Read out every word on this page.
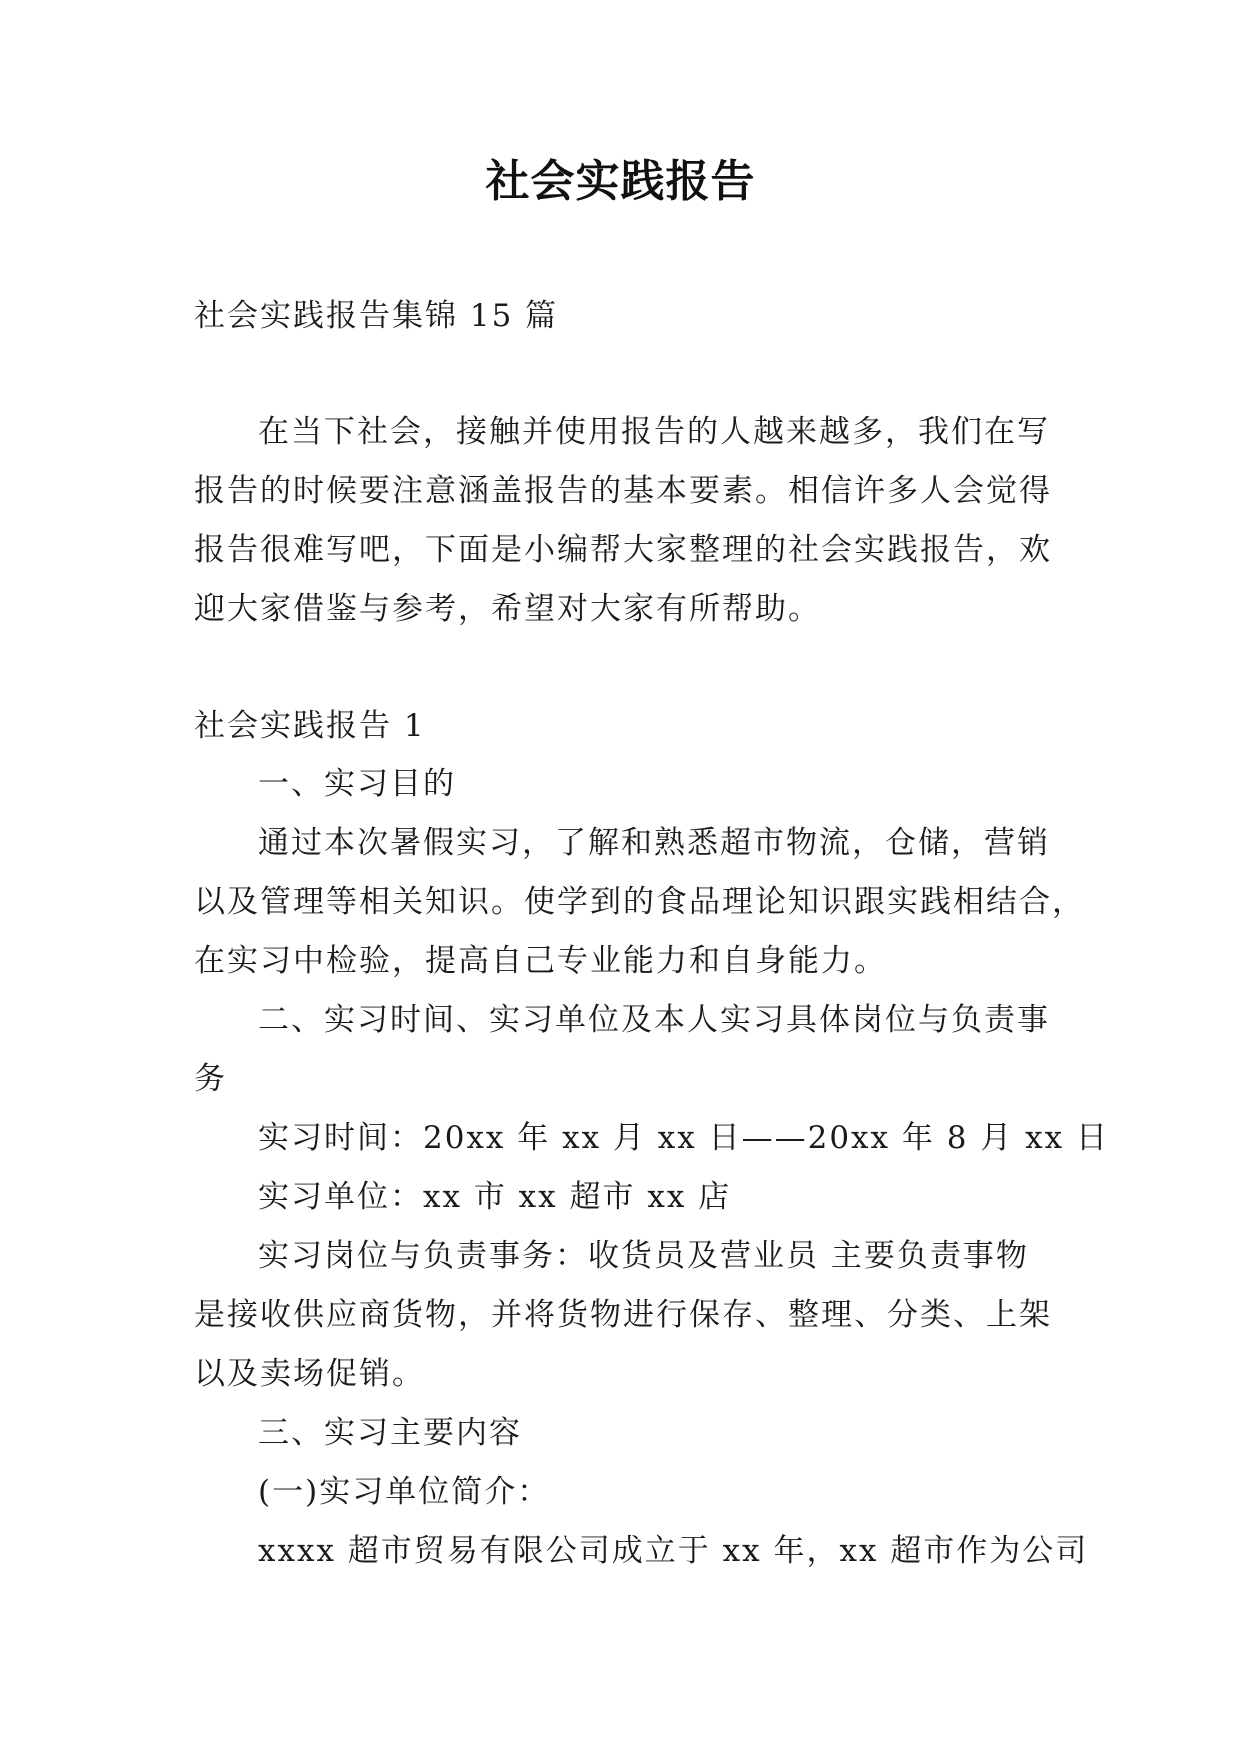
社会实践报告
社会实践报告集锦 15 篇
在当下社会，接触并使用报告的人越来越多，我们在写
报告的时候要注意涵盖报告的基本要素。相信许多人会觉得
报告很难写吧，下面是小编帮大家整理的社会实践报告，欢
迎大家借鉴与参考，希望对大家有所帮助。
社会实践报告 1
一、实习目的
通过本次暑假实习，了解和熟悉超市物流，仓储，营销
以及管理等相关知识。使学到的食品理论知识跟实践相结合，
在实习中检验，提高自己专业能力和自身能力。
二、实习时间、实习单位及本人实习具体岗位与负责事
务
实习时间：20xx 年 xx 月 xx 日——20xx 年 8 月 xx 日
实习单位：xx 市 xx 超市 xx 店
实习岗位与负责事务：收货员及营业员 主要负责事物
是接收供应商货物，并将货物进行保存、整理、分类、上架
以及卖场促销。
三、实习主要内容
(一)实习单位简介：
xxxx 超市贸易有限公司成立于 xx 年，xx 超市作为公司
